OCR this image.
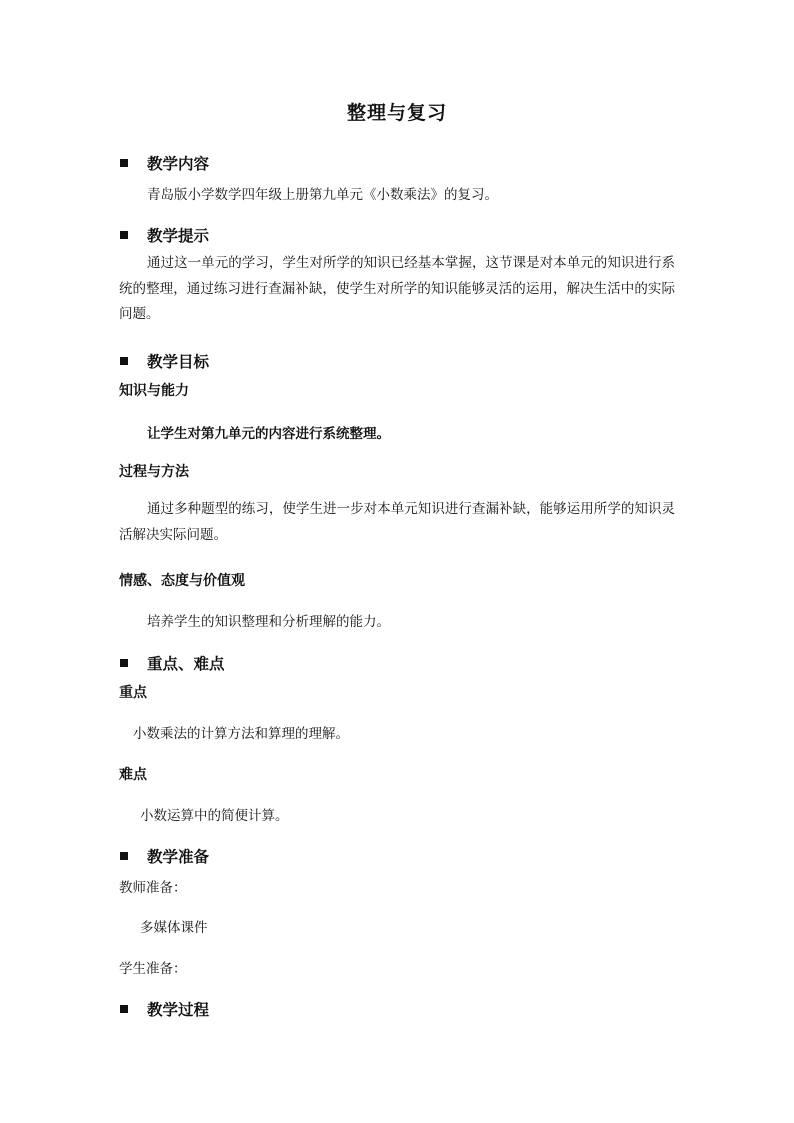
整理与复习
教学内容
青岛版小学数学四年级上册第九单元《小数乘法》的复习。
教学提示
通过这一单元的学习，学生对所学的知识已经基本掌握，这节课是对本单元的知识进行系统的整理，通过练习进行查漏补缺，使学生对所学的知识能够灵活的运用，解决生活中的实际问题。
教学目标
知识与能力
让学生对第九单元的内容进行系统整理。
过程与方法
通过多种题型的练习，使学生进一步对本单元知识进行查漏补缺，能够运用所学的知识灵活解决实际问题。
情感、态度与价值观
培养学生的知识整理和分析理解的能力。
重点、难点
重点
小数乘法的计算方法和算理的理解。
难点
小数运算中的简便计算。
教学准备
教师准备：
多媒体课件
学生准备：
教学过程
